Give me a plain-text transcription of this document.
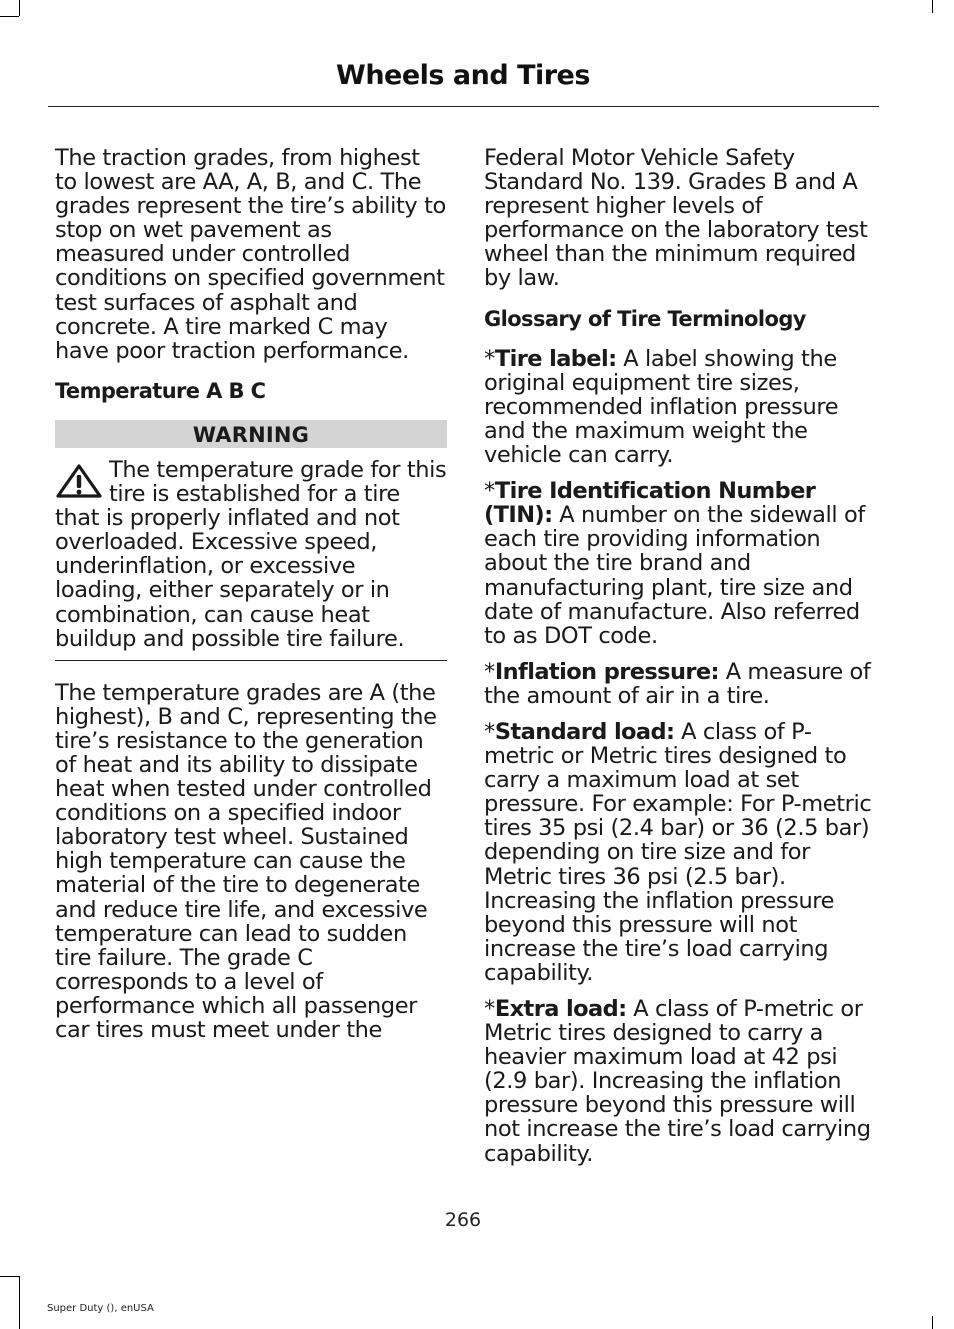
Wheels and Tires

The traction grades, from highest to lowest are AA, A, B, and C. The grades represent the tire’s ability to stop on wet pavement as measured under controlled conditions on specified government test surfaces of asphalt and concrete. A tire marked C may have poor traction performance.

Temperature A B C

WARNING

The temperature grade for this tire is established for a tire that is properly inflated and not overloaded. Excessive speed, underinflation, or excessive loading, either separately or in combination, can cause heat buildup and possible tire failure.

The temperature grades are A (the highest), B and C, representing the tire’s resistance to the generation of heat and its ability to dissipate heat when tested under controlled conditions on a specified indoor laboratory test wheel. Sustained high temperature can cause the material of the tire to degenerate and reduce tire life, and excessive temperature can lead to sudden tire failure. The grade C corresponds to a level of performance which all passenger car tires must meet under the

Federal Motor Vehicle Safety Standard No. 139. Grades B and A represent higher levels of performance on the laboratory test wheel than the minimum required by law.

Glossary of Tire Terminology

*Tire label: A label showing the original equipment tire sizes, recommended inflation pressure and the maximum weight the vehicle can carry.

*Tire Identification Number (TIN): A number on the sidewall of each tire providing information about the tire brand and manufacturing plant, tire size and date of manufacture. Also referred to as DOT code.

*Inflation pressure: A measure of the amount of air in a tire.

*Standard load: A class of P-metric or Metric tires designed to carry a maximum load at set pressure. For example: For P-metric tires 35 psi (2.4 bar) or 36 (2.5 bar) depending on tire size and for Metric tires 36 psi (2.5 bar). Increasing the inflation pressure beyond this pressure will not increase the tire’s load carrying capability.

*Extra load: A class of P-metric or Metric tires designed to carry a heavier maximum load at 42 psi (2.9 bar). Increasing the inflation pressure beyond this pressure will not increase the tire’s load carrying capability.

266
Super Duty (), enUSA
